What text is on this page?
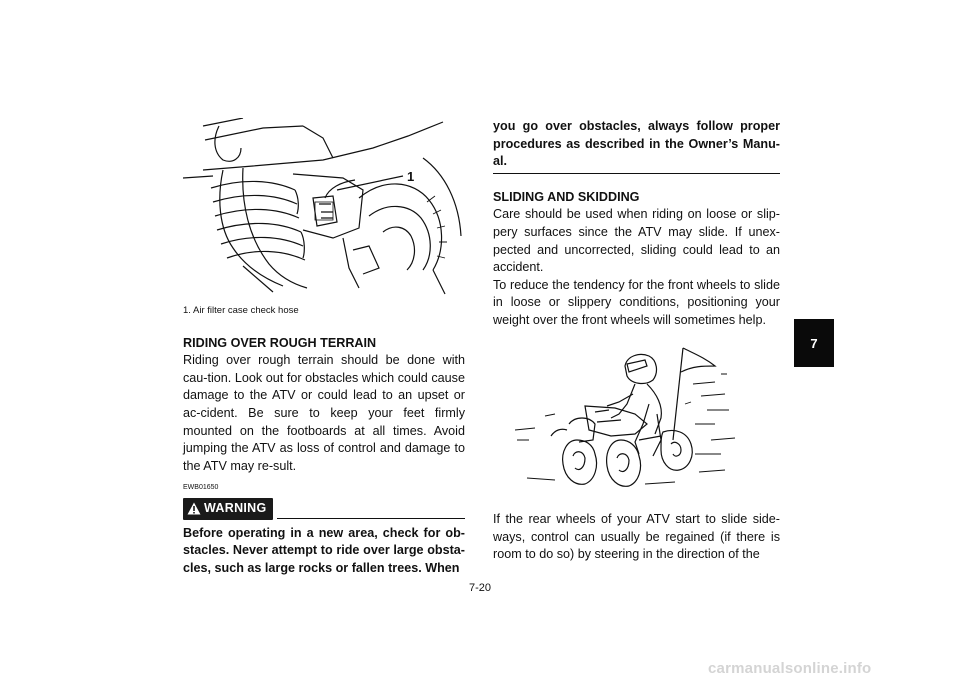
1
1. Air filter case check hose
RIDING OVER ROUGH TERRAIN

Riding over rough terrain should be done with cau-tion. Look out for obstacles which could cause damage to the ATV or could lead to an upset or ac-cident. Be sure to keep your feet firmly mounted on the footboards at all times. Avoid jumping the ATV as loss of control and damage to the ATV may re-sult.

EWB01650
WARNING

Before operating in a new area, check for ob-stacles. Never attempt to ride over large obsta-cles, such as large rocks or fallen trees. When

you go over obstacles, always follow proper procedures as described in the Owner’s Manu-al.

SLIDING AND SKIDDING

Care should be used when riding on loose or slip-pery surfaces since the ATV may slide. If unex-pected and uncorrected, sliding could lead to an accident.

To reduce the tendency for the front wheels to slide in loose or slippery conditions, positioning your weight over the front wheels will sometimes help.

If the rear wheels of your ATV start to slide side-ways, control can usually be regained (if there is room to do so) by steering in the direction of the

7-20
7
carmanualsonline.info
